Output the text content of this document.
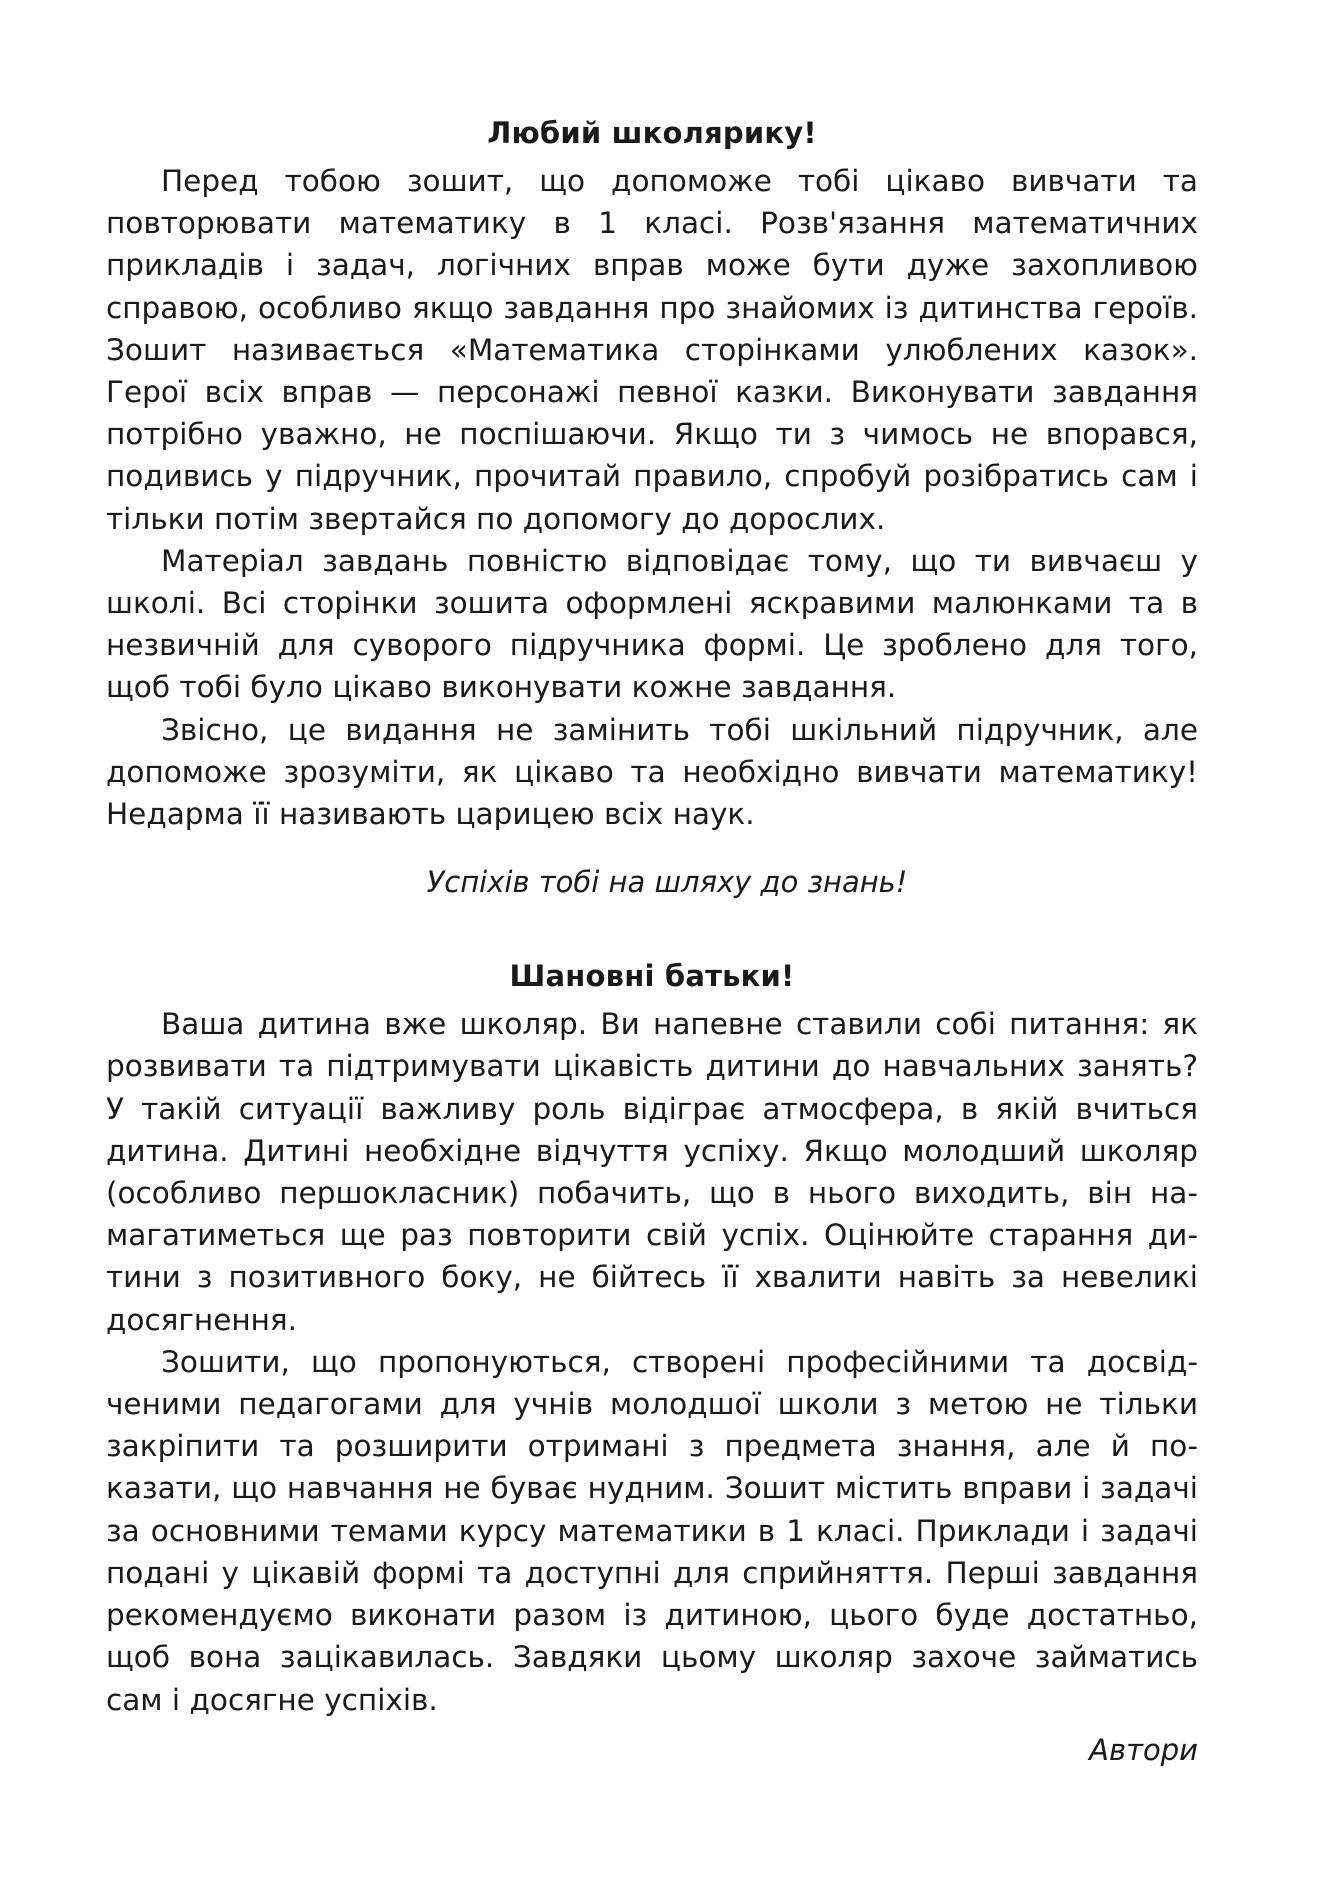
Любий школярику!

Перед тобою зошит, що допоможе тобі цікаво вивчати та повторювати математику в 1 класі. Розв'язання математичних прикладів і задач, логічних вправ може бути дуже захопливою справою, особливо якщо завдання про знайомих із дитинства героїв. Зошит називається «Математика сторінками улюблених казок». Герої всіх вправ — персонажі певної казки. Виконувати завдання потрібно уважно, не поспішаючи. Якщо ти з чимось не впорався, подивись у підручник, прочитай правило, спробуй розібратись сам і тільки потім звертайся по допомогу до дорослих.

Матеріал завдань повністю відповідає тому, що ти вивчаєш у школі. Всі сторінки зошита оформлені яскравими малюнками та в незвичній для суворого підручника формі. Це зроблено для того, щоб тобі було цікаво виконувати кожне завдання.

Звісно, це видання не замінить тобі шкільний підручник, але допоможе зрозуміти, як цікаво та необхідно вивчати математику! Недарма її називають царицею всіх наук.

Успіхів тобі на шляху до знань!

Шановні батьки!

Ваша дитина вже школяр. Ви напевне ставили собі питання: як розвивати та підтримувати цікавість дитини до навчальних занять? У такій ситуації важливу роль відіграє атмосфера, в якій вчиться дитина. Дитині необхідне відчуття успіху. Якщо молодший школяр (особливо першокласник) побачить, що в нього виходить, він намагатиметься ще раз повторити свій успіх. Оцінюйте старання дитини з позитивного боку, не бійтесь її хвалити навіть за невеликі досягнення.

Зошити, що пропонуються, створені професійними та досвідченими педагогами для учнів молодшої школи з метою не тільки закріпити та розширити отримані з предмета знання, але й показати, що навчання не буває нудним. Зошит містить вправи і задачі за основними темами курсу математики в 1 класі. Приклади і задачі подані у цікавій формі та доступні для сприйняття. Перші завдання рекомендуємо виконати разом із дитиною, цього буде достатньо, щоб вона зацікавилась. Завдяки цьому школяр захоче займатись сам і досягне успіхів.

Автори
